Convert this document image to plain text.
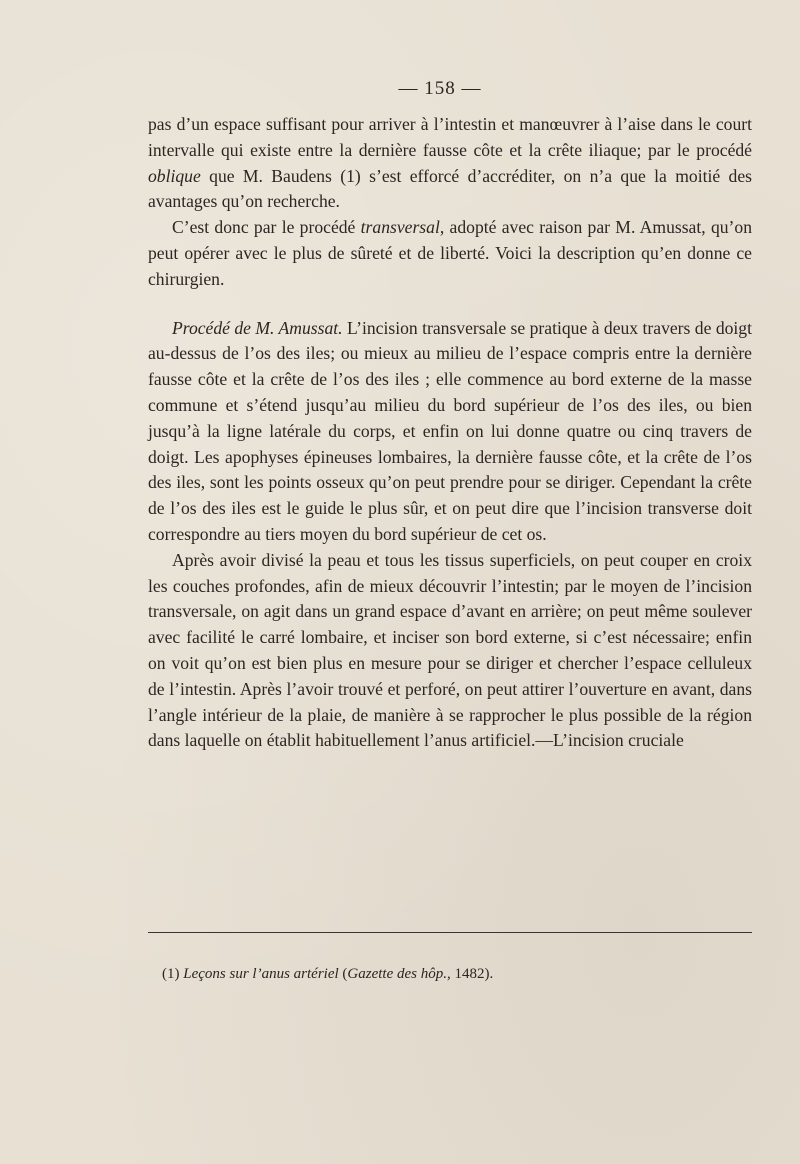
— 158 —

pas d’un espace suffisant pour arriver à l’intestin et manœuvrer à l’aise dans le court intervalle qui existe entre la dernière fausse côte et la crête iliaque; par le procédé oblique que M. Baudens (1) s’est efforcé d’accréditer, on n’a que la moitié des avantages qu’on recherche.

C’est donc par le procédé transversal, adopté avec raison par M. Amussat, qu’on peut opérer avec le plus de sûreté et de liberté. Voici la description qu’en donne ce chirurgien.

Procédé de M. Amussat. L’incision transversale se pratique à deux travers de doigt au-dessus de l’os des iles; ou mieux au milieu de l’espace compris entre la dernière fausse côte et la crête de l’os des iles ; elle commence au bord externe de la masse commune et s’étend jusqu’au milieu du bord supérieur de l’os des iles, ou bien jusqu’à la ligne latérale du corps, et enfin on lui donne quatre ou cinq travers de doigt. Les apophyses épineuses lombaires, la dernière fausse côte, et la crête de l’os des iles, sont les points osseux qu’on peut prendre pour se diriger. Cependant la crête de l’os des iles est le guide le plus sûr, et on peut dire que l’incision transverse doit correspondre au tiers moyen du bord supérieur de cet os.

Après avoir divisé la peau et tous les tissus superficiels, on peut couper en croix les couches profondes, afin de mieux découvrir l’intestin; par le moyen de l’incision transversale, on agit dans un grand espace d’avant en arrière; on peut même soulever avec facilité le carré lombaire, et inciser son bord externe, si c’est nécessaire; enfin on voit qu’on est bien plus en mesure pour se diriger et chercher l’espace celluleux de l’intestin. Après l’avoir trouvé et perforé, on peut attirer l’ouverture en avant, dans l’angle intérieur de la plaie, de manière à se rapprocher le plus possible de la région dans laquelle on établit habituellement l’anus artificiel.—L’incision cruciale

(1) Leçons sur l’anus artériel (Gazette des hôp., 1482).
